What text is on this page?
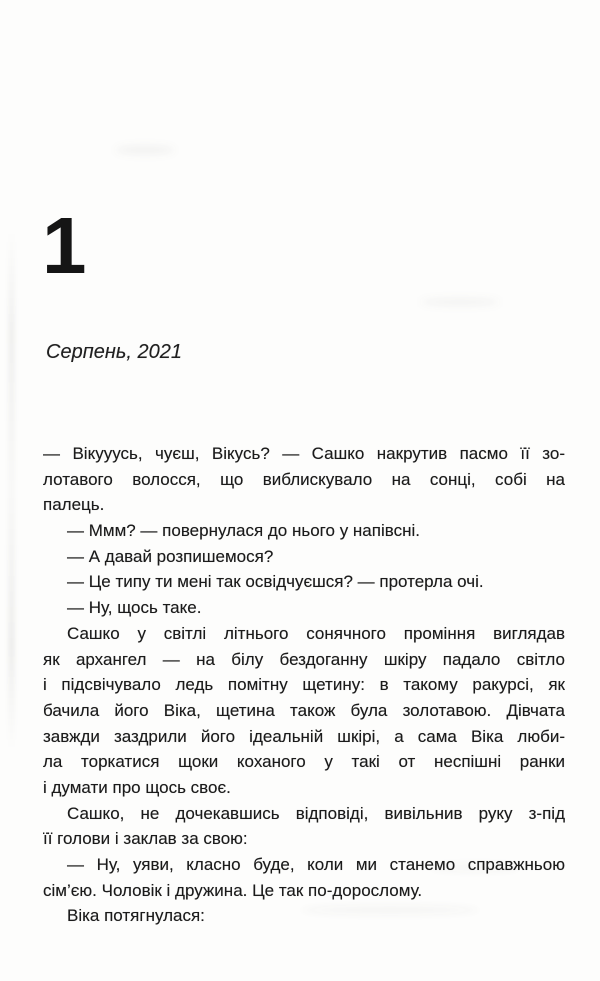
1
Серпень, 2021
— Вікууусь, чуєш, Вікусь? — Сашко накрутив пасмо її зо-
лотавого волосся, що виблискувало на сонці, собі на
палець.
— Ммм? — повернулася до нього у напівсні.
— А давай розпишемося?
— Це типу ти мені так освідчуєшся? — протерла очі.
— Ну, щось таке.
Сашко у світлі літнього сонячного проміння виглядав
як архангел — на білу бездоганну шкіру падало світло
і підсвічувало ледь помітну щетину: в такому ракурсі, як
бачила його Віка, щетина також була золотавою. Дівчата
завжди заздрили його ідеальній шкірі, а сама Віка люби-
ла торкатися щоки коханого у такі от неспішні ранки
і думати про щось своє.
Сашко, не дочекавшись відповіді, вивільнив руку з-під
її голови і заклав за свою:
— Ну, уяви, класно буде, коли ми станемо справжньою
сім’єю. Чоловік і дружина. Це так по-дорослому.
Віка потягнулася:
